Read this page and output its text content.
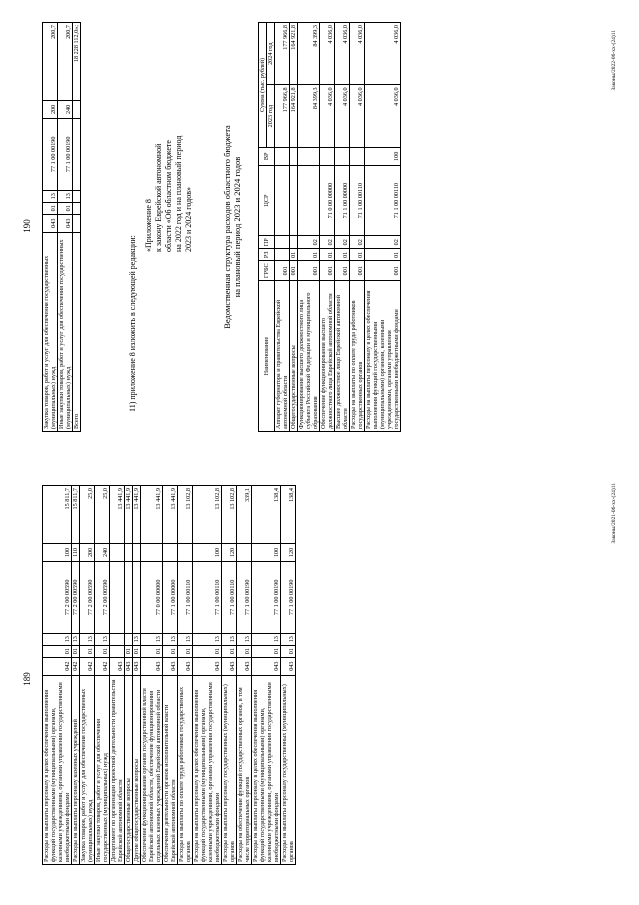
189
Расходы на выплаты персоналу в целях обеспечения выполнения функций государственными (муниципальными) органами, казенными учреждениями, органами управления государственными внебюджетными фондами	042	01	13	77 2 00 00590	100	15 811,7
Расходы на выплаты персоналу казенных учреждений	042	01	13	77 2 00 00590	110	15 811,7
Закупка товаров, работ и услуг для обеспечения государственных (муниципальных) нужд	042	01	13	77 2 00 00590	200	25,0
Иные закупки товаров, работ и услуг для обеспечения государственных (муниципальных) нужд	042	01	13	77 2 00 00590	240	25,0
Департамент по организации проектной деятельности правительства Еврейской автономной области	043					13 441,9
Общегосударственные вопросы	043	01				13 441,9
Другие общегосударственные вопросы	043	01	13			13 441,9
Обеспечение функционирования органов государственной власти Еврейской автономной области, обеспечение функционирования отдельных казенных учреждений Еврейской автономной области	043	01	13	77 0 00 00000		13 441,9
Обеспечение деятельности органов исполнительной власти Еврейской автономной области	043	01	13	77 1 00 00000		13 441,9
Расходы на выплаты по оплате труда работников государственных органов	043	01	13	77 1 00 00110		13 102,8
Расходы на выплаты персоналу в целях обеспечения выполнения функций государственными (муниципальными) органами, казенными учреждениями, органами управления государственными внебюджетными фондами	043	01	13	77 1 00 00110	100	13 102,8
Расходы на выплаты персоналу государственных (муниципальных) органов	043	01	13	77 1 00 00110	120	13 102,8
Расходы на обеспечение функций государственных органов, в том числе территориальных органов	043	01	13	77 1 00 00190		339,1
Расходы на выплаты персоналу в целях обеспечения выполнения функций государственными (муниципальными) органами, казенными учреждениями, органами управления государственными внебюджетными фондами	043	01	13	77 1 00 00190	100	138,4
Расходы на выплаты персоналу государственных (муниципальных) органов	043	01	13	77 1 00 00190	120	138,4	Законы/2021-06-хх-(24)11
190
Закупка товаров, работ и услуг для обеспечения государственных (муниципальных) нужд	043	01	13	77 1 00 00190	200	200,7
Иные закупки товаров, работ и услуг для обеспечения государственных (муниципальных) нужд	043	01	13	77 1 00 00190	240	200,7
Всего						18 228 112,0»;
11) приложение 8 изложить в следующей редакции:
«Приложение 8 к закону Еврейской автономной области «Об областном бюджете на 2022 год и на плановый период 2023 и 2024 годов»	Ведомственная структура расходов областного бюджета на плановый период 2023 и 2024 годов
Наименование	ГРБС	РЗ	ПР	ЦСР	ВР	Сумма (тыс. рублей)	
						2023 год	2024 год
Аппарат губернатора и правительства Еврейской автономной области	001					177 966,8	177 966,8
Общегосударственные вопросы	001	01				164 921,8	164 921,8
Функционирование высшего должностного лица субъекта Российской Федерации и муниципального образования	001	01	02			84 399,3	84 399,3
Обеспечение функционирования высшего должностного лица Еврейской автономной области	001	01	02	71 0 00 00000		4 036,0	4 036,0
Высшее должностное лицо Еврейской автономной области	001	01	02	71 1 00 00000		4 036,0	4 036,0
Расходы на выплаты по оплате труда работников государственных органов	001	01	02	71 1 00 00110		4 036,0	4 036,0
Расходы на выплаты персоналу в целях обеспечения выполнения функций государственными (муниципальными) органами, казенными учреждениями, органами управления государственными внебюджетными фондами	001	01	02	71 1 00 00110	100	4 036,0	4 036,0	Законы/2022-06-хх-(24)11
